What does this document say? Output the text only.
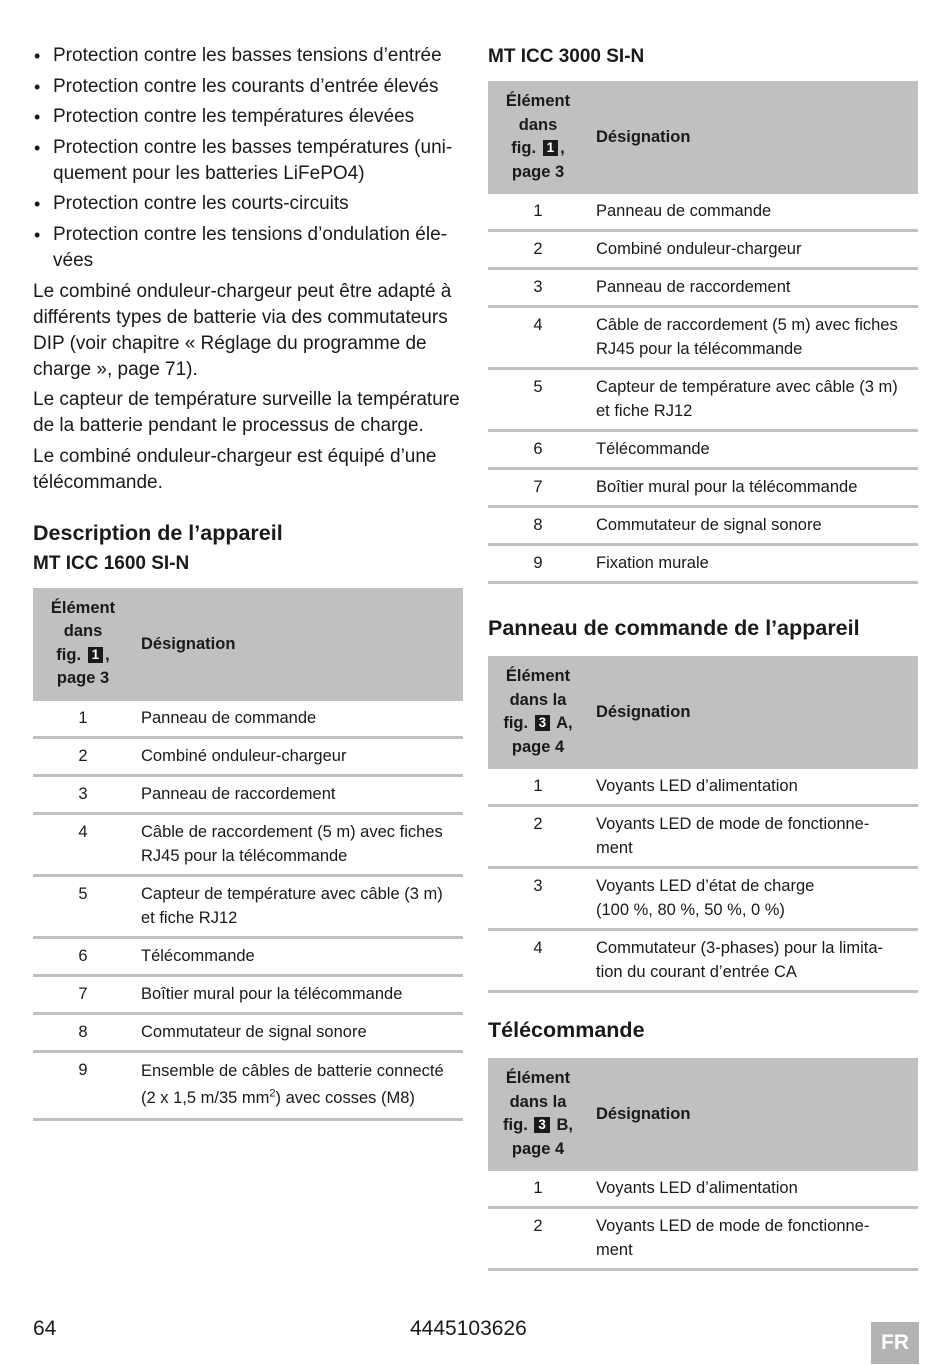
• Protection contre les basses tensions d’entrée
• Protection contre les courants d’entrée élevés
• Protection contre les températures élevées
• Protection contre les basses températures (uni-
quement pour les batteries LiFePO4)
• Protection contre les courts-circuits
• Protection contre les tensions d’ondulation éle-
vées

Le combiné onduleur-chargeur peut être adapté à différents types de batterie via des commutateurs DIP (voir chapitre « Réglage du programme de charge », page 71).

Le capteur de température surveille la température de la batterie pendant le processus de charge.

Le combiné onduleur-chargeur est équipé d’une télécommande.

Description de l’appareil
MT ICC 1600 SI-N
Élément
dans
fig. 1 ,
page 3	Désignation
1	Panneau de commande
2	Combiné onduleur-chargeur
3	Panneau de raccordement
4	Câble de raccordement (5 m) avec fiches RJ45 pour la télécommande
5	Capteur de température avec câble (3 m) et fiche RJ12
6	Télécommande
7	Boîtier mural pour la télécommande
8	Commutateur de signal sonore
9	Ensemble de câbles de batterie connecté (2 x 1,5 m/35 $mm^2$) avec cosses (M8)
MT ICC 3000 SI-N
Élément
dans
fig. 1 ,
page 3	Désignation
1	Panneau de commande
2	Combiné onduleur-chargeur
3	Panneau de raccordement
4	Câble de raccordement (5 m) avec fiches RJ45 pour la télécommande
5	Capteur de température avec câble (3 m) et fiche RJ12
6	Télécommande
7	Boîtier mural pour la télécommande
8	Commutateur de signal sonore
9	Fixation murale
Panneau de commande de l’appareil
Élément
dans la
fig. 3 A,
page 4	Désignation
1	Voyants LED d’alimentation
2	Voyants LED de mode de fonctionne-
ment
3	Voyants LED d’état de charge
(100 %, 80 %, 50 %, 0 %)
4	Commutateur (3-phases) pour la limita-
tion du courant d’entrée CA
Télécommande
Élément
dans la
fig. 3 B,
page 4	Désignation
1	Voyants LED d’alimentation
2	Voyants LED de mode de fonctionne-
ment
64	4445103626
FR
